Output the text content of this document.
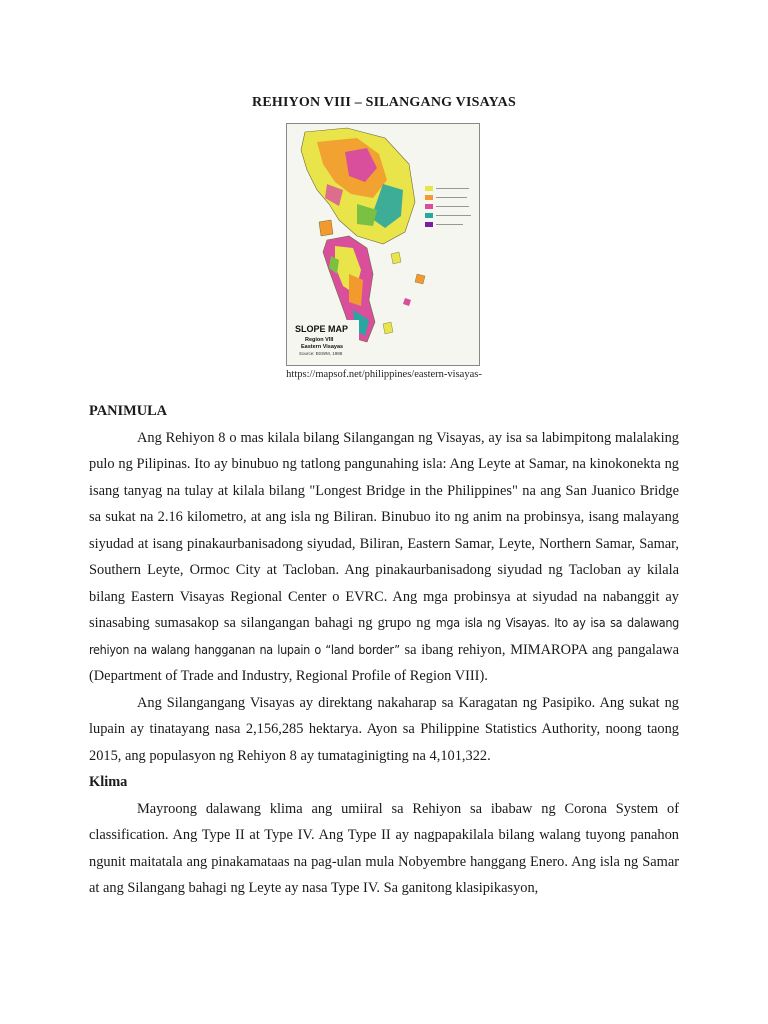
REHIYON VIII – SILANGANG VISAYAS
SLOPE MAP
Region VIII
Eastern Visayas
Source: BSWM, 1988
https://mapsof.net/philippines/eastern-visayas-

PANIMULA

Ang Rehiyon 8 o mas kilala bilang Silangangan ng Visayas, ay isa sa labimpitong malalaking pulo ng Pilipinas. Ito ay binubuo ng tatlong pangunahing isla: Ang Leyte at Samar, na kinokonekta ng isang tanyag na tulay at kilala bilang "Longest Bridge in the Philippines" na ang San Juanico Bridge sa sukat na 2.16 kilometro, at ang isla ng Biliran. Binubuo ito ng anim na probinsya, isang malayang siyudad at isang pinakaurbanisadong siyudad, Biliran, Eastern Samar, Leyte, Northern Samar, Samar, Southern Leyte, Ormoc City at Tacloban. Ang pinakaurbanisadong siyudad ng Tacloban ay kilala bilang Eastern Visayas Regional Center o EVRC. Ang mga probinsya at siyudad na nabanggit ay sinasabing sumasakop sa silangangan bahagi ng grupo ng mga isla ng Visayas. Ito ay isa sa dalawang rehiyon na walang hangganan na lupain o “land border” sa ibang rehiyon, MIMAROPA ang pangalawa (Department of Trade and Industry, Regional Profile of Region VIII).

Ang Silangangang Visayas ay direktang nakaharap sa Karagatan ng Pasipiko. Ang sukat ng lupain ay tinatayang nasa 2,156,285 hektarya. Ayon sa Philippine Statistics Authority, noong taong 2015, ang populasyon ng Rehiyon 8 ay tumataginigting na 4,101,322.

Klima

Mayroong dalawang klima ang umiiral sa Rehiyon sa ibabaw ng Corona System of classification. Ang Type II at Type IV. Ang Type II ay nagpapakilala bilang walang tuyong panahon ngunit maitatala ang pinakamataas na pag-ulan mula Nobyembre hanggang Enero. Ang isla ng Samar at ang Silangang bahagi ng Leyte ay nasa Type IV. Sa ganitong klasipikasyon,
